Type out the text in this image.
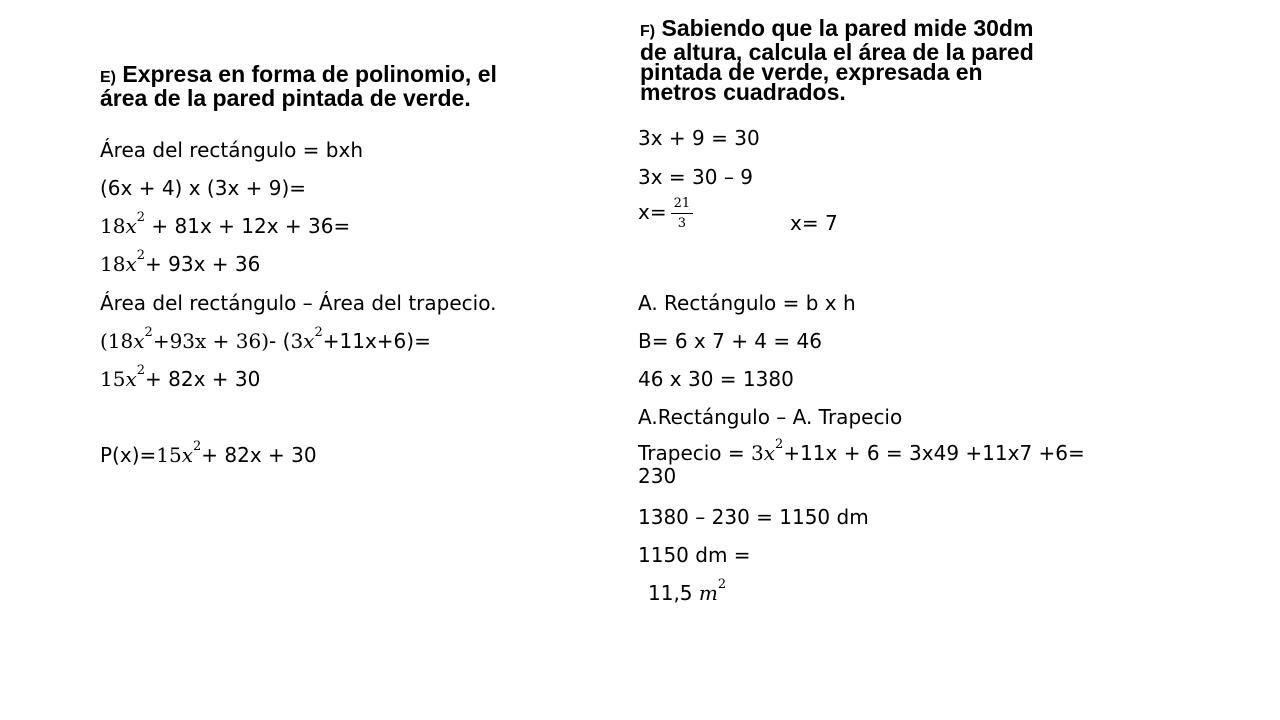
E) Expresa en forma de polinomio, el

área de la pared pintada de verde.

Área del rectángulo = bxh
(6x + 4) x (3x + 9)=
$18x^2 + 81x + 12x + 36=$
$18x^2+ 93x + 36$
Área del rectángulo – Área del trapecio.
$(18x^2+93x + 36)-$ $(3x^2+11x+6)=$
$15x^2+ 82x + 30$
$P(x)=15x^2+ 82x + 30$

F) Sabiendo que la pared mide 30dm

de altura, calcula el área de la pared

pintada de verde, expresada en

metros cuadrados.

3x + 9 = 30
3x = 30 – 9
$x= \frac{21}{3}$	x= 7
A. Rectángulo = b x h
B= 6 x 7 + 4 = 46
46 x 30 = 1380
A.Rectángulo – A. Trapecio
Trapecio = $3x^2+11x + 6 = 3x49 +11x7 +6=$
230
1380 – 230 = 1150 dm
1150 dm =
11,5 $m^2$
